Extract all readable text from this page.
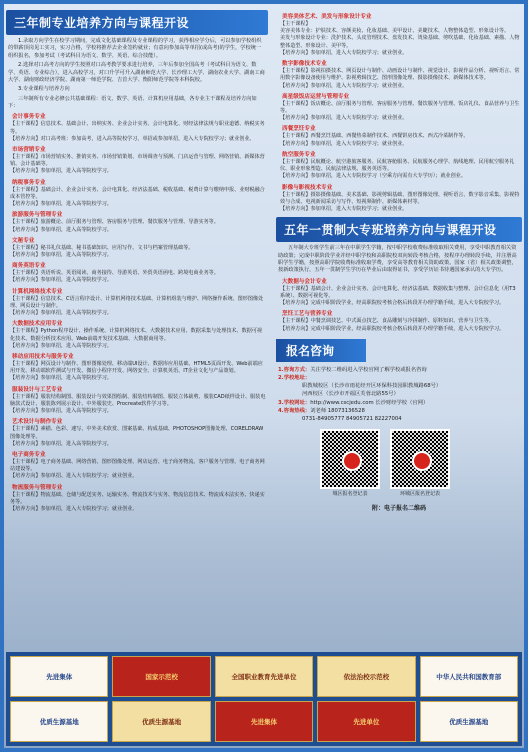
三年制专业培养方向与课程开设

1.录取方向学生在校学习期间，完成文化基础课程及专业课程的学习，获得相应学分后，可以参加学校组织的带薪顶岗见工实习，实习合格，学校将推荐去企业签约就业；有意向参加高等单招(或高考)的学生，学校统一组织报名，参加考试（考试科目为语文、数学、英语、综合技能）。

2.选择对口高考方向的学生按照对口高考教学要求进行培养，三年后参加全国高考（考试科目为语文、数学、英语、专业综合），进入高校学习，对口升学可升入湖南师范大学、长沙理工大学、湖南农业大学、湖南工商大学、湖南财政经济学院、湖南第一师范学院、吉首大学、衡阳师范学院等本科院校。

3.专业课程与培养方向

三年制所有专业必修公共基础课程：语文、数学、英语、计算机应用基础，各专业主干课程及培养方向如下：

会计事务专业
【主干课程】信息技术、基础会计、出纳实务、企业会计实务、会计电算化、财经法律法规与职业道德、纳税实务等。
【培养方向】对口高考班：参加高考，进入高等院校学习，单招或参加单招，进入大专院校学习；就业创业。
市场营销专业
【主干课程】市场营销实务、推销实务、市场营销策划、市场调查与预测、门店运营与管理、网络营销、新媒体营销、会计基础等。
【培养方向】参加单招，进入高等院校学习。
纳税事务专业
【主干课程】基础会计、企业会计实务、会计电算化、经济法基础、税收基础、税费计算与缴纳申报、业财税融合成本管控等。
【培养方向】参加单招，进入高等院校学习。
旅游服务与管理专业
【主干课程】旅游概论、前厅服务与管理、客房服务与管理、餐饮服务与管理、导游实务等。
【培养方向】参加单招，进入高等院校学习。
文秘专业
【主干课程】秘书礼仪基础、秘书基础知识、应用写作、文书与档案管理基础等。
【培养方向】参加单招，进入高等院校学习。
商务英语专业
【主干课程】英语听说、英语阅读、商务接待、导游英语、外贸英语函电、跨境电商业务等。
【培养方向】参加单招，进入高等院校学习。
计算机网络技术专业
【主干课程】信息技术、C语言程序设计、计算机网络技术基础、计算机组装与维护、网络操作系统、图形图像处理、网页设计与制作。
【培养方向】参加单招，进入高等院校学习。
大数据技术应用专业
【主干课程】Python程序设计、操作系统、计算机网络技术、大数据技术应用、数据采集与处理技术、数据可视化技术、数据分析技术应用、Web前端开发技术基础、大数据商用等。
【培养方向】参加单招，进入高等院校学习。
移动应用技术与服务专业
【主干课程】网页设计与制作、图形图像处理、移动端UI设计、数据库应用基础、HTML5页面开发、Web前端应用开发、移动端软件测试与开发、微信小程序开发、网络安全、计算机英语、IT企业文化与产品策划。
【培养方向】参加单招，进入高等院校学习。
服装设计与工艺专业
【主干课程】服装结构制图、服装设计与效果图绘制、服装结构制图、服装立体裁剪、服装CAD纸样设计、服装电脑款式设计、服装陈列展示设计、中外服装史、Procreate软件学习等。
【培养方向】参加单招，进入高等院校学习。
艺术设计与制作专业
【主干课程】素描、色彩、速写、中外美术欣赏、图案基础、构成基础、PHOTOSHOP图像处理、CORELDRAW图像处理等。
【培养方向】参加单招，进入高等院校学习。
电子商务专业
【主干课程】电子商务基础、网络营销、图形图像处理、网店运营、电子商务物流、客户服务与管理、电子商务网站建设等。
【培养方向】参加单招、进入大专院校学习；就业创业。
物流服务与管理专业
【主干课程】物流基础、仓储与配送实务、运输实务、物流技术与实务、物流信息技术、物流成本法实务、快递实务等。
【培养方向】参加单招，进入大专院校学习；就业创业。
美容美体艺术、美发与形象设计专业
【主干课程】
美容美体专业：护肤技术、容颜美妆、化妆基础、美甲设计、美睫技术、人物整体造型、形象设计等。
美发与形象设计专业：洗护技术、头皮管理技术、盘发技术、烫染基础、剪吹基础、化妆基础、素描、人物整体造型、形象设计、美甲等。
【培养方向】参加单招，进入大专院校学习；就业创业。
数字影像技术专业
【主干课程】影视拍摄技术、网页设计与制作、动画设计与制作、视觉设计、影视作品分析、视听语言、常用数字影像设备使用与维护、影视剪辑技艺、图形图像处理、摄影摄像技术、新媒体技术等。
【培养方向】参加单招，进入大专院校学习；就业创业。
高星级饭店运营与管理专业
【主干课程】饭店概论、前厅服务与管理、客房服务与管理、餐饮服务与管理、饭店礼仪、食品营养与卫生等。
【培养方向】参加单招，进入大专院校学习；就业创业。
西餐烹饪专业
【主干课程】西餐烹饪基础、西餐热菜制作技术、西餐饼房技术、西式冷菜制作等。
【培养方向】参加单招，进入大专院校学习；就业创业。
航空服务专业
【主干课程】民航概论、航空港旅客服务、民航客舱服务、民航服务心理学、航线地理、民用航空服务礼仪、职业形象塑造、民航法律法规、服务英语等。
【培养方向】参加单招，进入大专院校学习（空乘方向需有大专学历）；就业创业。
影像与影视技术专业
【主干课程】摄影摄像基础、美术基础、影视剪辑基础、图形图像处理、视听语言、数字影音采集、影视特效与合成、电视新闻采访与写作、短视频制作、新媒体素材等。
【培养方向】参加单招，进入大专院校学习；就业创业。
五年一贯制大专班培养方向与课程开设

五年制大专班学生前三年在中职学生学籍，按中职学校收费标准收取相关费用，享受中职教育相关资助政策；完成中职阶段学业并经中职学校和高职院校双向转段考核合格，按程序办理转段手续，并注册高职学生学籍，按照高职学院收费标准收取学费，享受高等教育相关资助政策。国家（省）相关政策调整，按新政策执行，五年一贯制学生学历在毕业后由取得证书，享受学历证书待遇国家承认的大专学历。

大数据与会计专业
【主干课程】基础会计、企业会计实务、会计电算化、经济法基础、数据收集与整理、会计信息化（用T3系统）、数据可视化等。
【培养方向】完成中职阶段学业，经高职院校考核合格后转段并办理学籍手续，进入大专院校学习。
烹饪工艺与营养专业
【主干课程】中餐烹调技艺、中式面点技艺、食品雕刻与冷拼制作、原料知识、营养与卫生等。
【培养方向】完成中职阶段学业，经高职院校考核合格后转段并办理学籍手续，进入大专院校学习。
报名咨询
1.咨询方式：关注学校二维码进入学校官网了解学校或报名咨询
2.学校地址：
职教城校区（长沙市雨花经开区环保科技园职教城路68号）
河西校区（长沙市开福区芙蓉北路55号）
3.学校网址：http://www.cscjedu.com 长沙财经学校（官网）
4.咨询热线：刘老师 18073136528
0731-84905777 84905721 82227004
城区报名登记表	环城区报名登记表
附：电子报名二维码
先进集体	国家示范校	全国职业教育先进单位	依法治校示范校	中华人民共和国教育部
优质生源基地	优质生源基地	先进集体	先进单位	优质生源基地
